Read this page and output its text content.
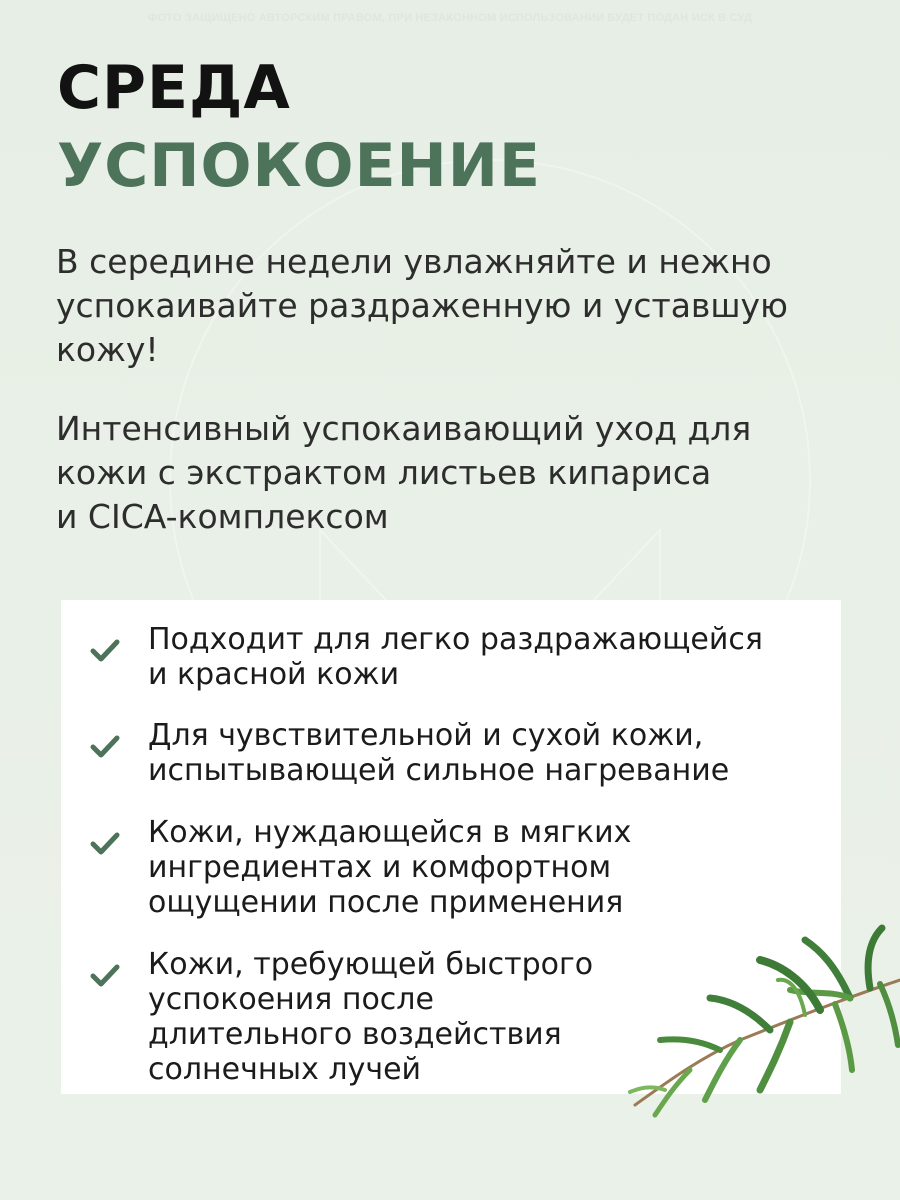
ФОТО ЗАЩИЩЕНО АВТОРСКИМ ПРАВОМ, ПРИ НЕЗАКОННОМ ИСПОЛЬЗОВАНИИ БУДЕТ ПОДАН ИСК В СУД
СРЕДА
УСПОКОЕНИЕ
В середине недели увлажняйте и нежно
успокаивайте раздраженную и уставшую
кожу!
Интенсивный успокаивающий уход для
кожи с экстрактом листьев кипариса
и CICA-комплексом
Подходит для легко раздражающейся
и красной кожи
Для чувствительной и сухой кожи,
испытывающей сильное нагревание
Кожи, нуждающейся в мягких
ингредиентах и комфортном
ощущении после применения
Кожи, требующей быстрого
успокоения после
длительного воздействия
солнечных лучей
